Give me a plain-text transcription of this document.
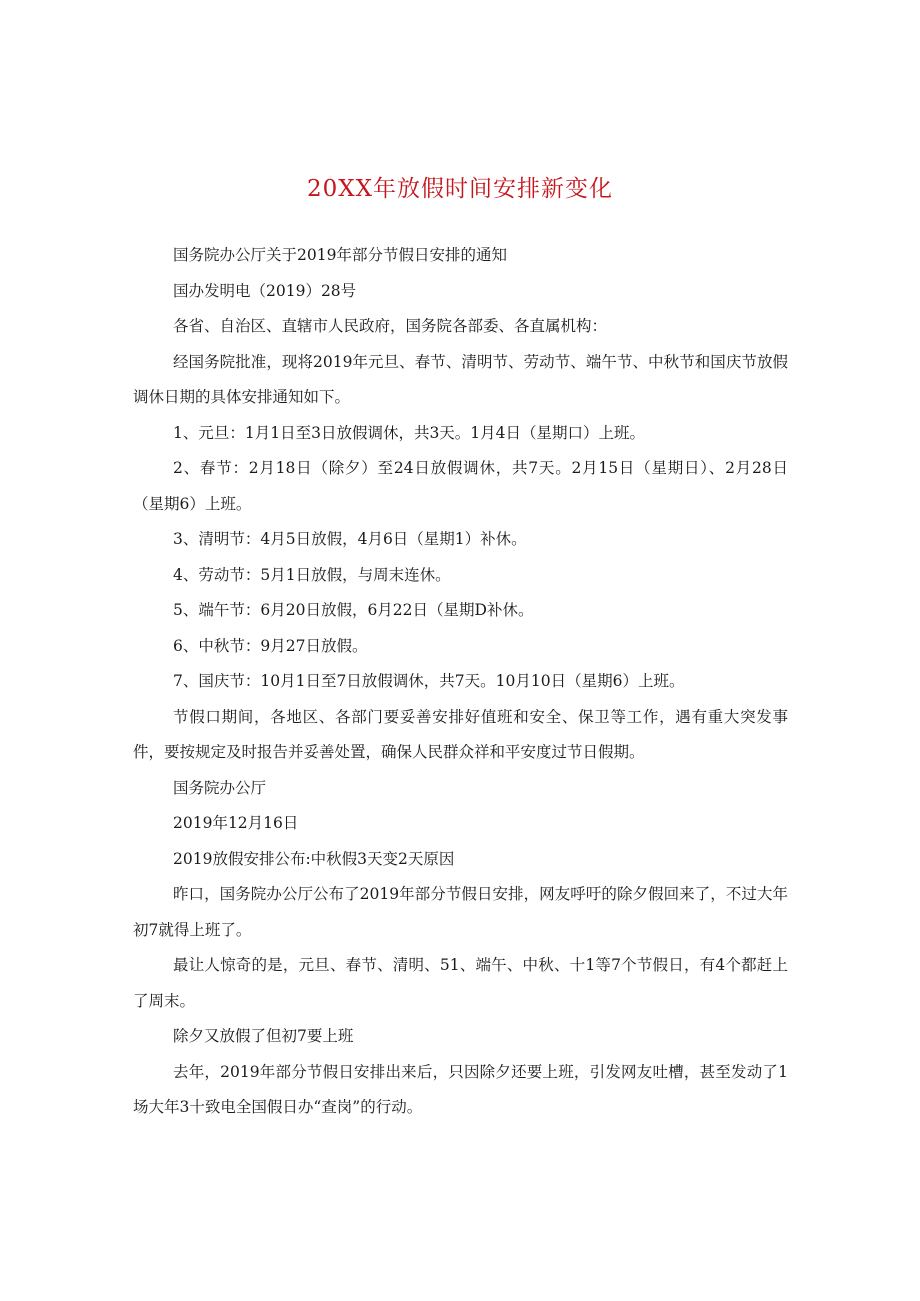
20XX年放假时间安排新变化

国务院办公厅关于2019年部分节假日安排的通知

国办发明电（2019）28号

各省、自治区、直辖市人民政府，国务院各部委、各直属机构：

经国务院批准，现将2019年元旦、春节、清明节、劳动节、端午节、中秋节和国庆节放假调休日期的具体安排通知如下。

1、元旦：1月1日至3日放假调休，共3天。1月4日（星期口）上班。

2、春节：2月18日（除夕）至24日放假调休，共7天。2月15日（星期日）、2月28日（星期6）上班。

3、清明节：4月5日放假，4月6日（星期1）补休。

4、劳动节：5月1日放假，与周末连休。

5、端午节：6月20日放假，6月22日（星期D补休。

6、中秋节：9月27日放假。

7、国庆节：10月1日至7日放假调休，共7天。10月10日（星期6）上班。

节假口期间，各地区、各部门要妥善安排好值班和安全、保卫等工作，遇有重大突发事件，要按规定及时报告并妥善处置，确保人民群众祥和平安度过节日假期。

国务院办公厅

2019年12月16日

2019放假安排公布:中秋假3天变2天原因

昨口，国务院办公厅公布了2019年部分节假日安排，网友呼吁的除夕假回来了，不过大年初7就得上班了。

最让人惊奇的是，元旦、春节、清明、51、端午、中秋、十1等7个节假日，有4个都赶上了周末。

除夕又放假了但初7要上班

去年，2019年部分节假日安排出来后，只因除夕还要上班，引发网友吐槽，甚至发动了1场大年3十致电全国假日办“查岗”的行动。
